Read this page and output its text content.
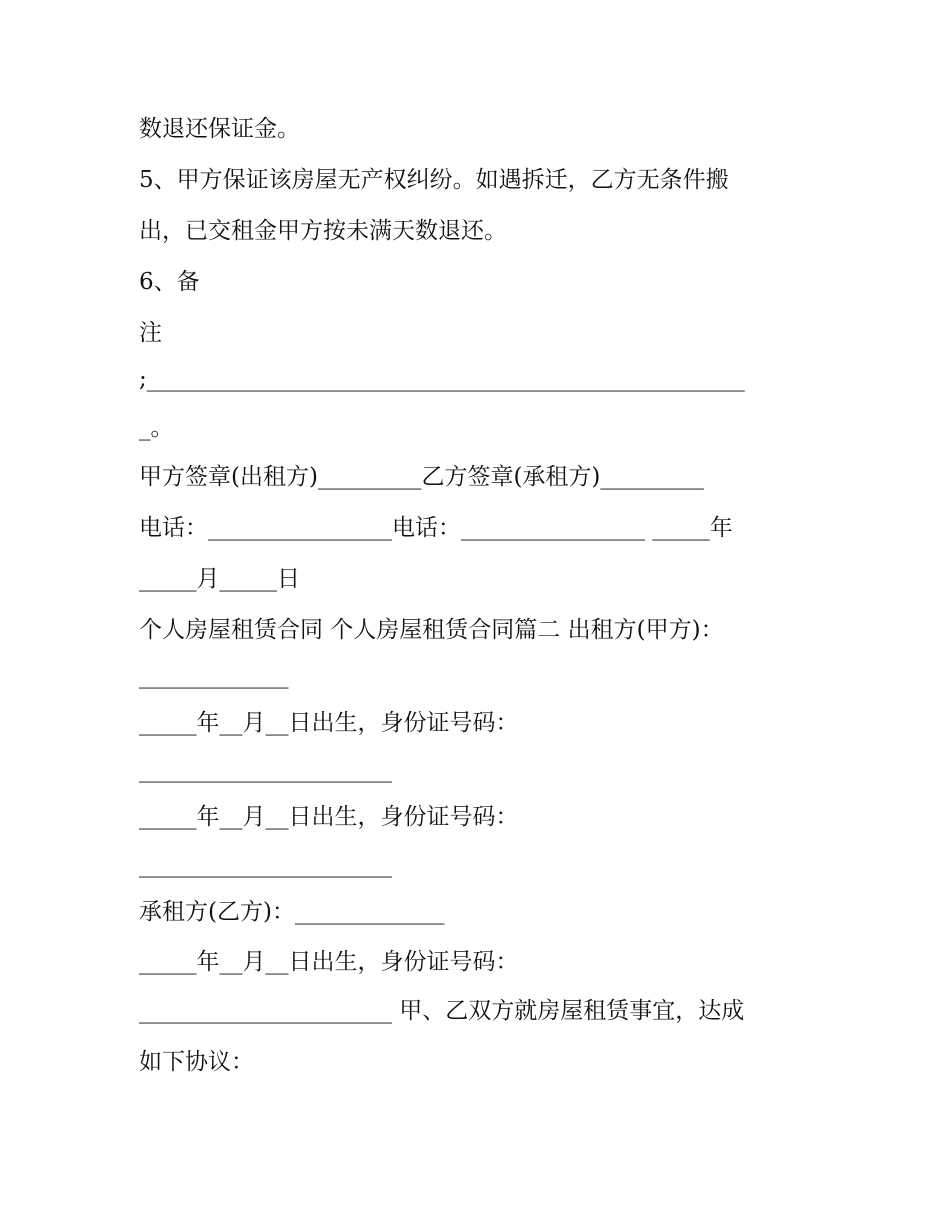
数退还保证金。

5、甲方保证该房屋无产权纠纷。如遇拆迁，乙方无条件搬

出，已交租金甲方按未满天数退还。

6、备

注

;____________________________________________________

_。

甲方签章(出租方)_________乙方签章(承租方)_________

电话：________________电话：________________ _____年

_____月_____日

个人房屋租赁合同 个人房屋租赁合同篇二 出租方(甲方)：

_____________

_____年__月__日出生，身份证号码：

______________________

_____年__月__日出生，身份证号码：

______________________

承租方(乙方)：_____________

_____年__月__日出生，身份证号码：

______________________ 甲、乙双方就房屋租赁事宜，达成

如下协议：
